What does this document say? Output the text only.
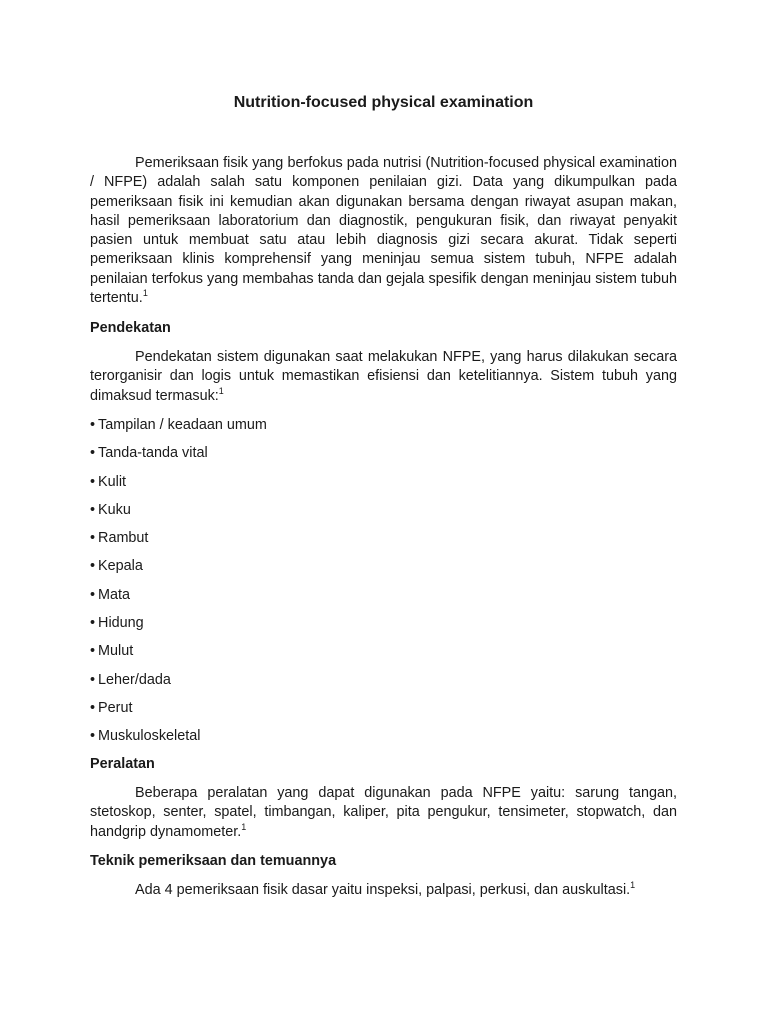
Nutrition-focused physical examination

Pemeriksaan fisik yang berfokus pada nutrisi (Nutrition-focused physical examination / NFPE) adalah salah satu komponen penilaian gizi. Data yang dikumpulkan pada pemeriksaan fisik ini kemudian akan digunakan bersama dengan riwayat asupan makan, hasil pemeriksaan laboratorium dan diagnostik, pengukuran fisik, dan riwayat penyakit pasien untuk membuat satu atau lebih diagnosis gizi secara akurat. Tidak seperti pemeriksaan klinis komprehensif yang meninjau semua sistem tubuh, NFPE adalah penilaian terfokus yang membahas tanda dan gejala spesifik dengan meninjau sistem tubuh tertentu.$^1$

Pendekatan

Pendekatan sistem digunakan saat melakukan NFPE, yang harus dilakukan secara terorganisir dan logis untuk memastikan efisiensi dan ketelitiannya. Sistem tubuh yang dimaksud termasuk:$^1$

• Tampilan / keadaan umum
• Tanda-tanda vital
• Kulit
• Kuku
• Rambut
• Kepala
• Mata
• Hidung
• Mulut
• Leher/dada
• Perut
• Muskuloskeletal
Peralatan

Beberapa peralatan yang dapat digunakan pada NFPE yaitu: sarung tangan, stetoskop, senter, spatel, timbangan, kaliper, pita pengukur, tensimeter, stopwatch, dan handgrip dynamometer.$^1$

Teknik pemeriksaan dan temuannya

Ada 4 pemeriksaan fisik dasar yaitu inspeksi, palpasi, perkusi, dan auskultasi.$^1$
